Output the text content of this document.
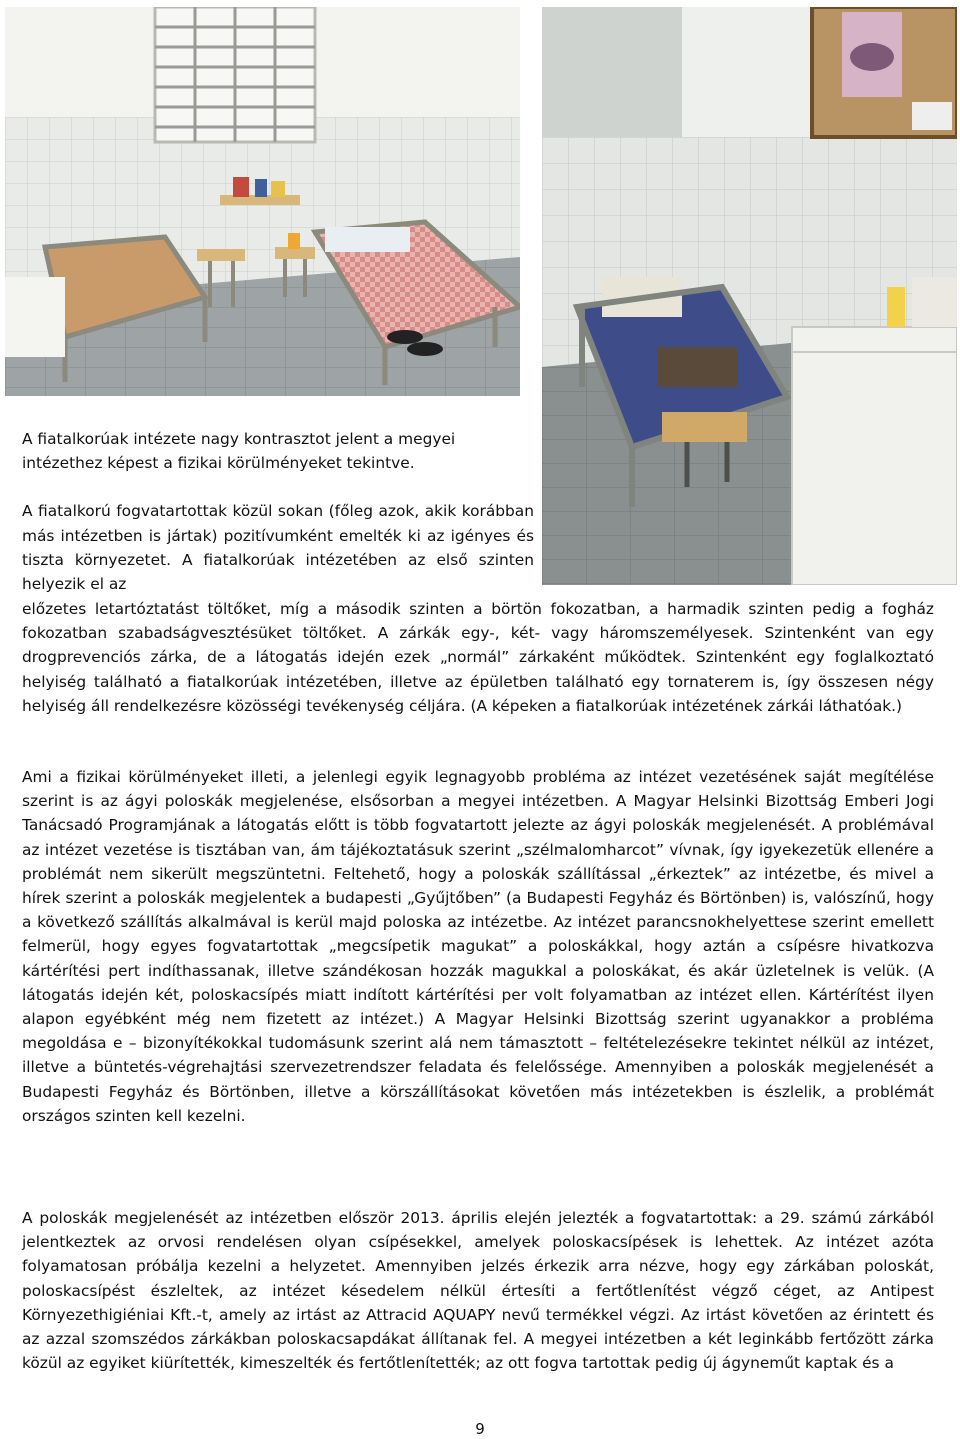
A fiatalkorúak intézete nagy kontrasztot jelent a megyei intézethez képest a fizikai körülményeket tekintve.

A fiatalkorú fogvatartottak közül sokan (főleg azok, akik korábban más intézetben is jártak) pozitívumként emelték ki az igényes és tiszta környezetet. A fiatalkorúak intézetében az első szinten helyezik el az

előzetes letartóztatást töltőket, míg a második szinten a börtön fokozatban, a harmadik szinten pedig a fogház fokozatban szabadságvesztésüket töltőket. A zárkák egy-, két- vagy háromszemélyesek. Szintenként van egy drogprevenciós zárka, de a látogatás idején ezek „normál” zárkaként működtek. Szintenként egy foglalkoztató helyiség található a fiatalkorúak intézetében, illetve az épületben található egy tornaterem is, így összesen négy helyiség áll rendelkezésre közösségi tevékenység céljára. (A képeken a fiatalkorúak intézetének zárkái láthatóak.)

Ami a fizikai körülményeket illeti, a jelenlegi egyik legnagyobb probléma az intézet vezetésének saját megítélése szerint is az ágyi poloskák megjelenése, elsősorban a megyei intézetben. A Magyar Helsinki Bizottság Emberi Jogi Tanácsadó Programjának a látogatás előtt is több fogvatartott jelezte az ágyi poloskák megjelenését. A problémával az intézet vezetése is tisztában van, ám tájékoztatásuk szerint „szélmalomharcot” vívnak, így igyekezetük ellenére a problémát nem sikerült megszüntetni. Feltehető, hogy a poloskák szállítással „érkeztek” az intézetbe, és mivel a hírek szerint a poloskák megjelentek a budapesti „Gyűjtőben” (a Budapesti Fegyház és Börtönben) is, valószínű, hogy a következő szállítás alkalmával is kerül majd poloska az intézetbe. Az intézet parancsnokhelyettese szerint emellett felmerül, hogy egyes fogvatartottak „megcsípetik magukat” a poloskákkal, hogy aztán a csípésre hivatkozva kártérítési pert indíthassanak, illetve szándékosan hozzák magukkal a poloskákat, és akár üzletelnek is velük. (A látogatás idején két, poloskacsípés miatt indított kártérítési per volt folyamatban az intézet ellen. Kártérítést ilyen alapon egyébként még nem fizetett az intézet.) A Magyar Helsinki Bizottság szerint ugyanakkor a probléma megoldása e – bizonyítékokkal tudomásunk szerint alá nem támasztott – feltételezésekre tekintet nélkül az intézet, illetve a büntetés-végrehajtási szervezetrendszer feladata és felelőssége. Amennyiben a poloskák megjelenését a Budapesti Fegyház és Börtönben, illetve a körszállításokat követően más intézetekben is észlelik, a problémát országos szinten kell kezelni.

A poloskák megjelenését az intézetben először 2013. április elején jelezték a fogvatartottak: a 29. számú zárkából jelentkeztek az orvosi rendelésen olyan csípésekkel, amelyek poloskacsípések is lehettek. Az intézet azóta folyamatosan próbálja kezelni a helyzetet. Amennyiben jelzés érkezik arra nézve, hogy egy zárkában poloskát, poloskacsípést észleltek, az intézet késedelem nélkül értesíti a fertőtlenítést végző céget, az Antipest Környezethigiéniai Kft.-t, amely az irtást az Attracid AQUAPY nevű termékkel végzi. Az irtást követően az érintett és az azzal szomszédos zárkákban poloskacsapdákat állítanak fel. A megyei intézetben a két leginkább fertőzött zárka közül az egyiket kiürítették, kimeszelték és fertőtlenítették; az ott fogva tartottak pedig új ágyneműt kaptak és a

9
